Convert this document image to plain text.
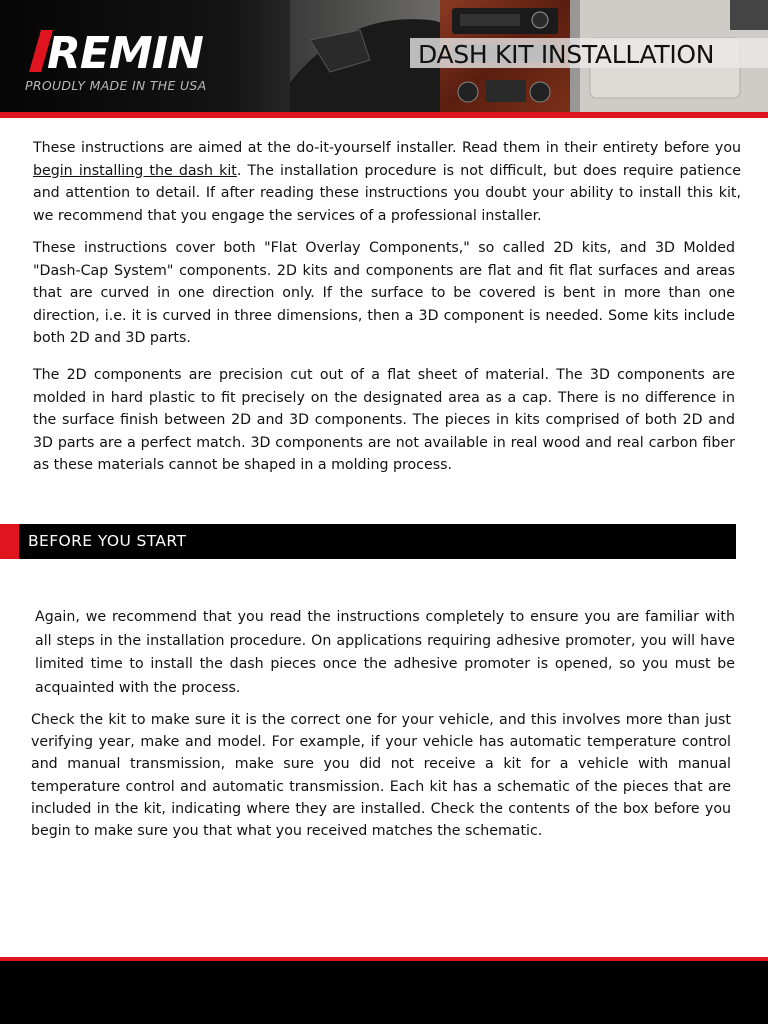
REMIN
PROUDLY MADE IN THE USA
DASH KIT INSTALLATION

These instructions are aimed at the do-it-yourself installer. Read them in their entirety before you begin installing the dash kit. The installation procedure is not difficult, but does require patience and attention to detail. If after reading these instructions you doubt your ability to install this kit, we recommend that you engage the services of a professional installer.

These instructions cover both "Flat Overlay Components," so called 2D kits, and 3D Molded "Dash-Cap System" components. 2D kits and components are flat and fit flat surfaces and areas that are curved in one direction only. If the surface to be covered is bent in more than one direction, i.e. it is curved in three dimensions, then a 3D component is needed. Some kits include both 2D and 3D parts.

The 2D components are precision cut out of a flat sheet of material. The 3D components are molded in hard plastic to fit precisely on the designated area as a cap. There is no difference in the surface finish between 2D and 3D components. The pieces in kits comprised of both 2D and 3D parts are a perfect match. 3D components are not available in real wood and real carbon fiber as these materials cannot be shaped in a molding process.

BEFORE YOU START

Again, we recommend that you read the instructions completely to ensure you are familiar with all steps in the installation procedure. On applications requiring adhesive promoter, you will have limited time to install the dash pieces once the adhesive promoter is opened, so you must be acquainted with the process.

Check the kit to make sure it is the correct one for your vehicle, and this involves more than just verifying year, make and model. For example, if your vehicle has automatic temperature control and manual transmission, make sure you did not receive a kit for a vehicle with manual temperature control and automatic transmission. Each kit has a schematic of the pieces that are included in the kit, indicating where they are installed. Check the contents of the box before you begin to make sure you that what you received matches the schematic.
